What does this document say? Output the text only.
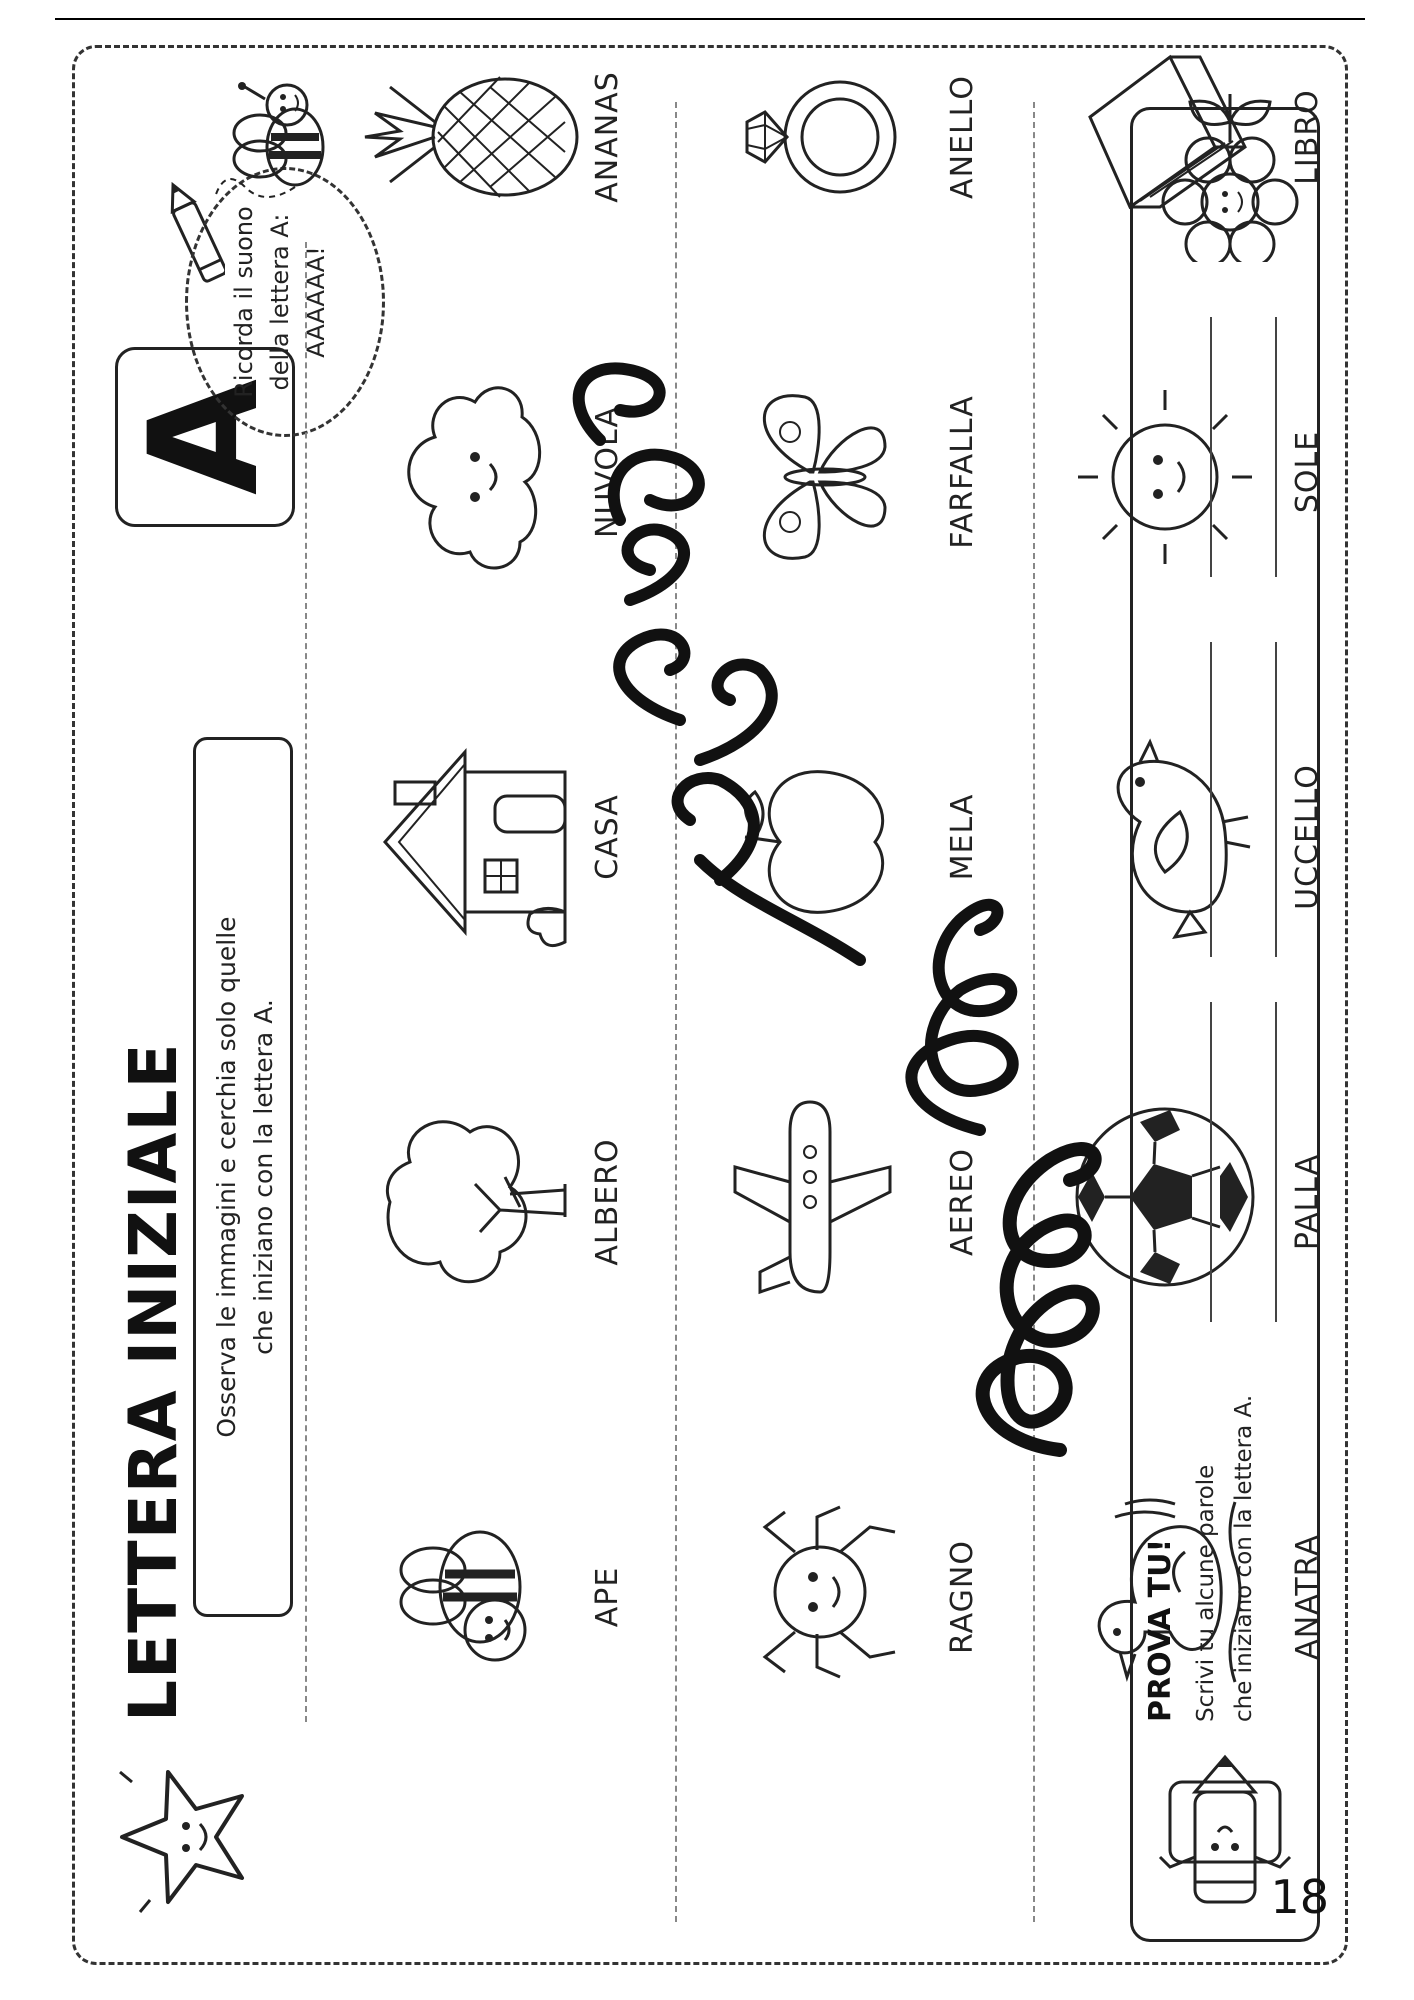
LETTERA INIZIALE
A
Osserva le immagini e cerchia solo quelle che iniziano con la lettera A.
Ricorda il suono della lettera A: AAAAAA!
APE
ALBERO
CASA
NUVOLA
ANANAS
RAGNO
AEREO
MELA
FARFALLA
ANELLO
ANATRA
PALLA
UCCELLO
SOLE
LIBRO
PROVA TU! Scrivi tu alcune parole che iniziano con la lettera A.
Maestra Nadia
18
